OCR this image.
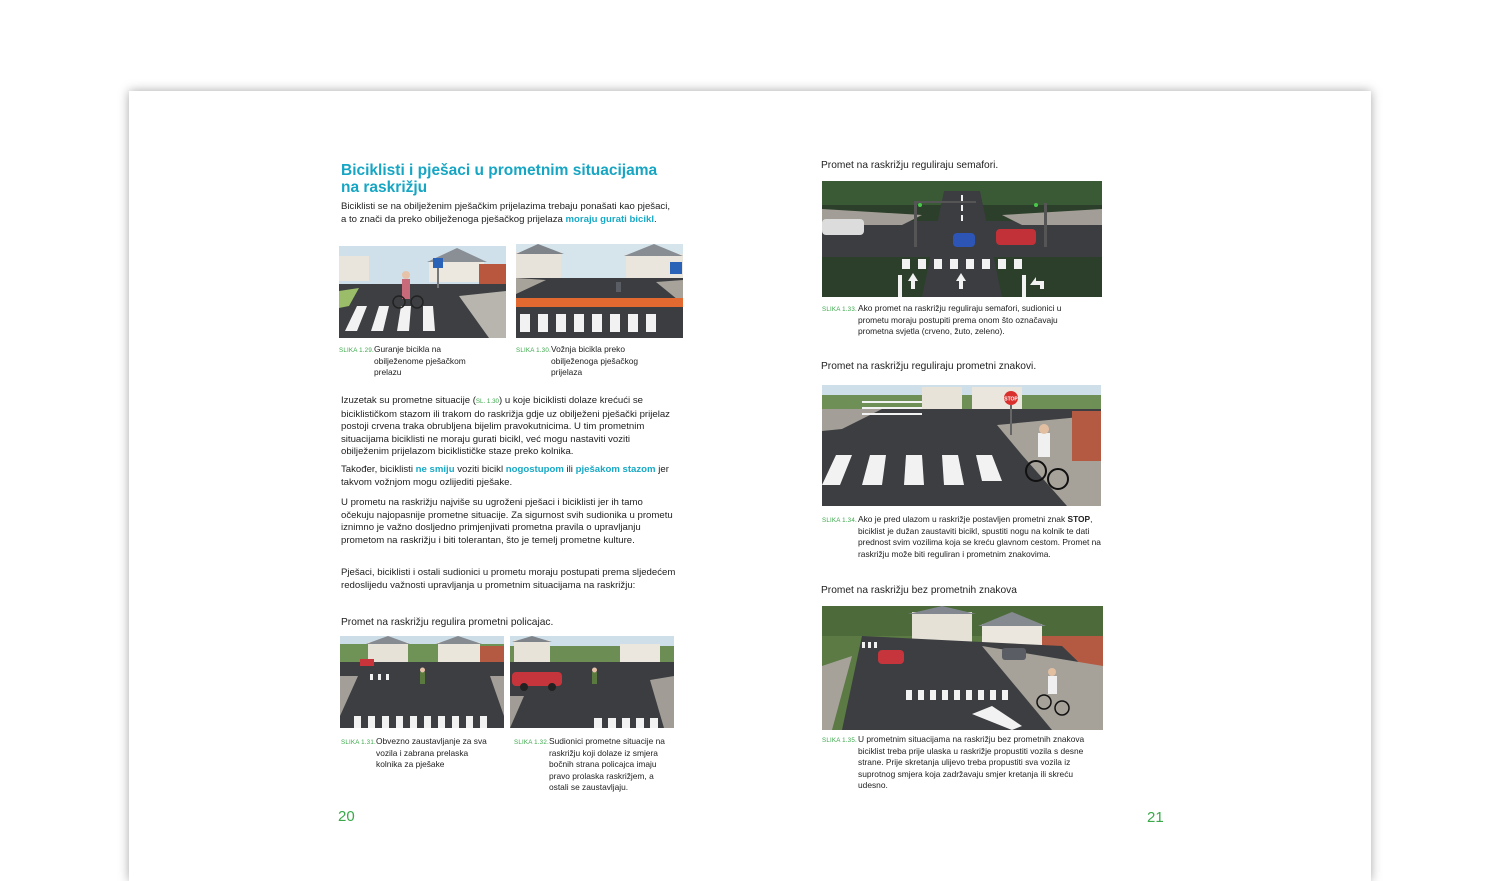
Biciklisti i pješaci u prometnim situacijama na raskrižju

Biciklisti se na obilježenim pješačkim prijelazima trebaju ponašati kao pješaci, a to znači da preko obilježenoga pješačkog prijelaza moraju gurati bicikl.

SLIKA 1.29. Guranje bicikla na obilježenome pješačkom prelazu
SLIKA 1.30. Vožnja bicikla preko obilježenoga pješačkog prijelaza

Izuzetak su prometne situacije (SL. 1.30) u koje biciklisti dolaze krećući se biciklističkom stazom ili trakom do raskrižja gdje uz obilježeni pješački prijelaz postoji crvena traka obrubljena bijelim pravokutnicima. U tim prometnim situacijama biciklisti ne moraju gurati bicikl, već mogu nastaviti voziti obilježenim prijelazom biciklističke staze preko kolnika.

Također, biciklisti ne smiju voziti bicikl nogostupom ili pješakom stazom jer takvom vožnjom mogu ozlijediti pješake.

U prometu na raskrižju najviše su ugroženi pješaci i biciklisti jer ih tamo očekuju najopasnije prometne situacije. Za sigurnost svih sudionika u prometu iznimno je važno dosljedno primjenjivati prometna pravila o upravljanju prometom na raskrižju i biti tolerantan, što je temelj prometne kulture.

Pješaci, biciklisti i ostali sudionici u prometu moraju postupati prema sljedećem redoslijedu važnosti upravljanja u prometnim situacijama na raskrižju:

Promet na raskrižju regulira prometni policajac.
SLIKA 1.31. Obvezno zaustavljanje za sva vozila i zabrana prelaska kolnika za pješake
SLIKA 1.32. Sudionici prometne situacije na raskrižju koji dolaze iz smjera bočnih strana policajca imaju pravo prolaska raskrižjem, a ostali se zaustavljaju.
20
Promet na raskrižju reguliraju semafori.
SLIKA 1.33. Ako promet na raskrižju reguliraju semafori, sudionici u prometu moraju postupiti prema onom što označavaju prometna svjetla (crveno, žuto, zeleno).
Promet na raskrižju reguliraju prometni znakovi.
STOP
SLIKA 1.34. Ako je pred ulazom u raskrižje postavljen prometni znak STOP, biciklist je dužan zaustaviti bicikl, spustiti nogu na kolnik te dati prednost svim vozilima koja se kreću glavnom cestom. Promet na raskrižju može biti reguliran i prometnim znakovima.
Promet na raskrižju bez prometnih znakova
SLIKA 1.35. U prometnim situacijama na raskrižju bez prometnih znakova biciklist treba prije ulaska u raskrižje propustiti vozila s desne strane. Prije skretanja ulijevo treba propustiti sva vozila iz suprotnog smjera koja zadržavaju smjer kretanja ili skreću udesno.
21
